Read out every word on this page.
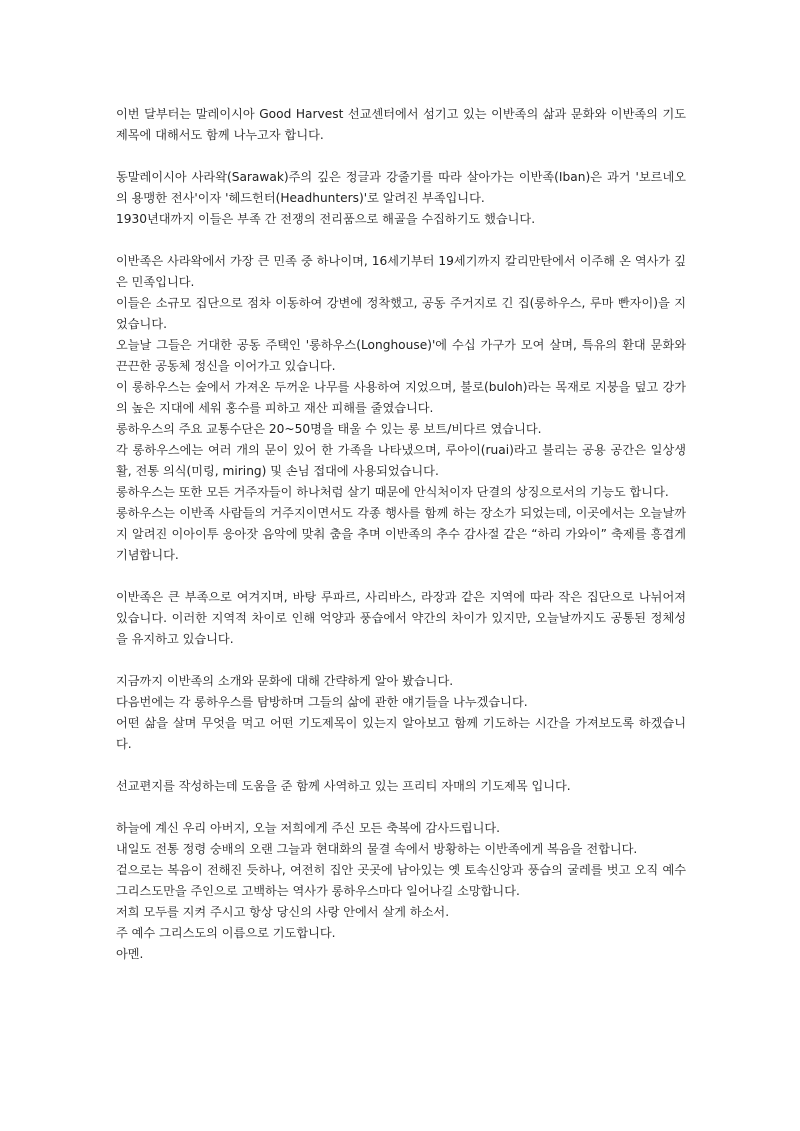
이번 달부터는 말레이시아 Good Harvest 선교센터에서 섬기고 있는 이반족의 삶과 문화와 이반족의 기도제목에 대해서도 함께 나누고자 합니다.
동말레이시아 사라왁(Sarawak)주의 깊은 정글과 강줄기를 따라 살아가는 이반족(Iban)은 과거 '보르네오의 용맹한 전사'이자 '헤드헌터(Headhunters)'로 알려진 부족입니다.
1930년대까지 이들은 부족 간 전쟁의 전리품으로 해골을 수집하기도 했습니다.
이반족은 사라왁에서 가장 큰 민족 중 하나이며, 16세기부터 19세기까지 칼리만탄에서 이주해 온 역사가 깊은 민족입니다.
이들은 소규모 집단으로 점차 이동하여 강변에 정착했고, 공동 주거지로 긴 집(롱하우스, 루마 빤자이)을 지었습니다.
오늘날 그들은 거대한 공동 주택인 '롱하우스(Longhouse)'에 수십 가구가 모여 살며, 특유의 환대 문화와 끈끈한 공동체 정신을 이어가고 있습니다.
이 롱하우스는 숲에서 가져온 두꺼운 나무를 사용하여 지었으며, 불로(buloh)라는 목재로 지붕을 덮고 강가의 높은 지대에 세워 홍수를 피하고 재산 피해를 줄였습니다.
롱하우스의 주요 교통수단은 20~50명을 태울 수 있는 롱 보트/비다르 였습니다.
각 롱하우스에는 여러 개의 문이 있어 한 가족을 나타냈으며, 루아이(ruai)라고 불리는 공용 공간은 일상생활, 전통 의식(미링, miring) 및 손님 접대에 사용되었습니다.
롱하우스는 또한 모든 거주자들이 하나처럼 살기 때문에 안식처이자 단결의 상징으로서의 기능도 합니다.
롱하우스는 이반족 사람들의 거주지이면서도 각종 행사를 함께 하는 장소가 되었는데, 이곳에서는 오늘날까지 알려진 이아이투 응아잣 음악에 맞춰 춤을 추며 이반족의 추수 감사절 같은 “하리 가와이” 축제를 흥겹게 기념합니다.
이반족은 큰 부족으로 여겨지며, 바탕 루파르, 사리바스, 라장과 같은 지역에 따라 작은 집단으로 나뉘어져 있습니다. 이러한 지역적 차이로 인해 억양과 풍습에서 약간의 차이가 있지만, 오늘날까지도 공통된 정체성을 유지하고 있습니다.
지금까지 이반족의 소개와 문화에 대해 간략하게 알아 봤습니다.
다음번에는 각 롱하우스를 탐방하며 그들의 삶에 관한 얘기들을 나누겠습니다.
어떤 삶을 살며 무엇을 먹고 어떤 기도제목이 있는지 알아보고 함께 기도하는 시간을 가져보도록 하겠습니다.
선교편지를 작성하는데 도움을 준 함께 사역하고 있는 프리티 자매의 기도제목 입니다.
하늘에 계신 우리 아버지, 오늘 저희에게 주신 모든 축복에 감사드립니다.
내일도 전통 정령 숭배의 오랜 그늘과 현대화의 물결 속에서 방황하는 이반족에게 복음을 전합니다.
겉으로는 복음이 전해진 듯하나, 여전히 집안 곳곳에 남아있는 옛 토속신앙과 풍습의 굴레를 벗고 오직 예수 그리스도만을 주인으로 고백하는 역사가 롱하우스마다 일어나길 소망합니다.
저희 모두를 지켜 주시고 항상 당신의 사랑 안에서 살게 하소서.
주 예수 그리스도의 이름으로 기도합니다.
아멘.
